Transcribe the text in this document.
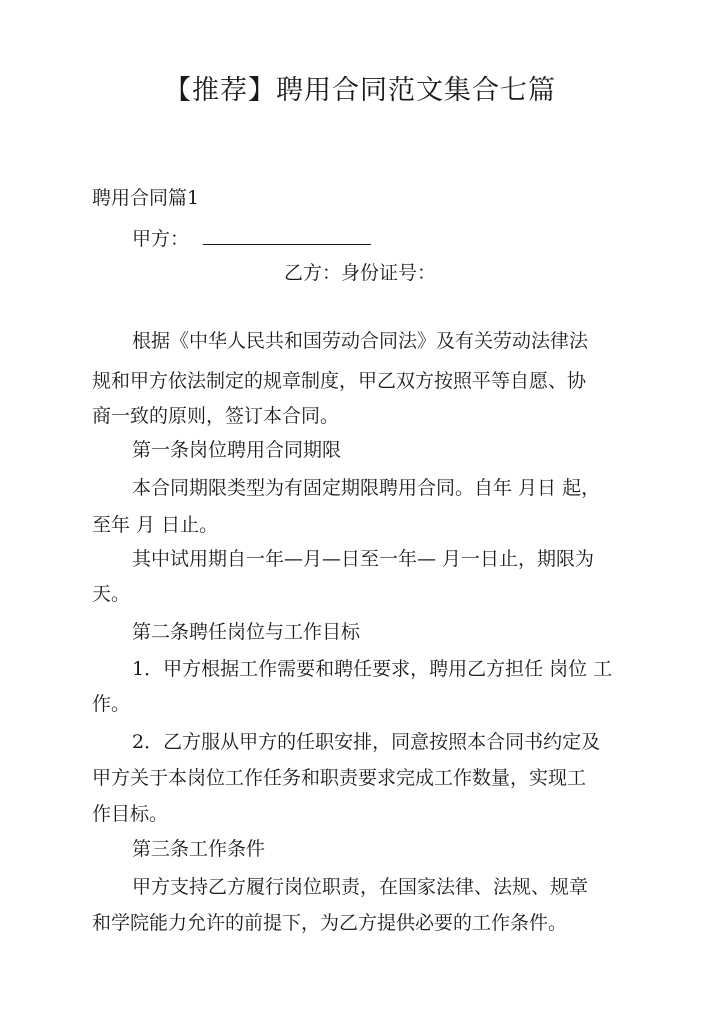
【推荐】聘用合同范文集合七篇
聘用合同篇1
甲方：
乙方：身份证号：
根据《中华人民共和国劳动合同法》及有关劳动法律法
规和甲方依法制定的规章制度，甲乙双方按照平等自愿、协
商一致的原则，签订本合同。
第一条岗位聘用合同期限
本合同期限类型为有固定期限聘用合同。自年 月日 起，
至年 月 日止。
其中试用期自一年—月—日至一年— 月一日止，期限为
天。
第二条聘任岗位与工作目标
1．甲方根据工作需要和聘任要求，聘用乙方担任 岗位 工
作。
2．乙方服从甲方的任职安排，同意按照本合同书约定及
甲方关于本岗位工作任务和职责要求完成工作数量，实现工
作目标。
第三条工作条件
甲方支持乙方履行岗位职责，在国家法律、法规、规章
和学院能力允许的前提下，为乙方提供必要的工作条件。
